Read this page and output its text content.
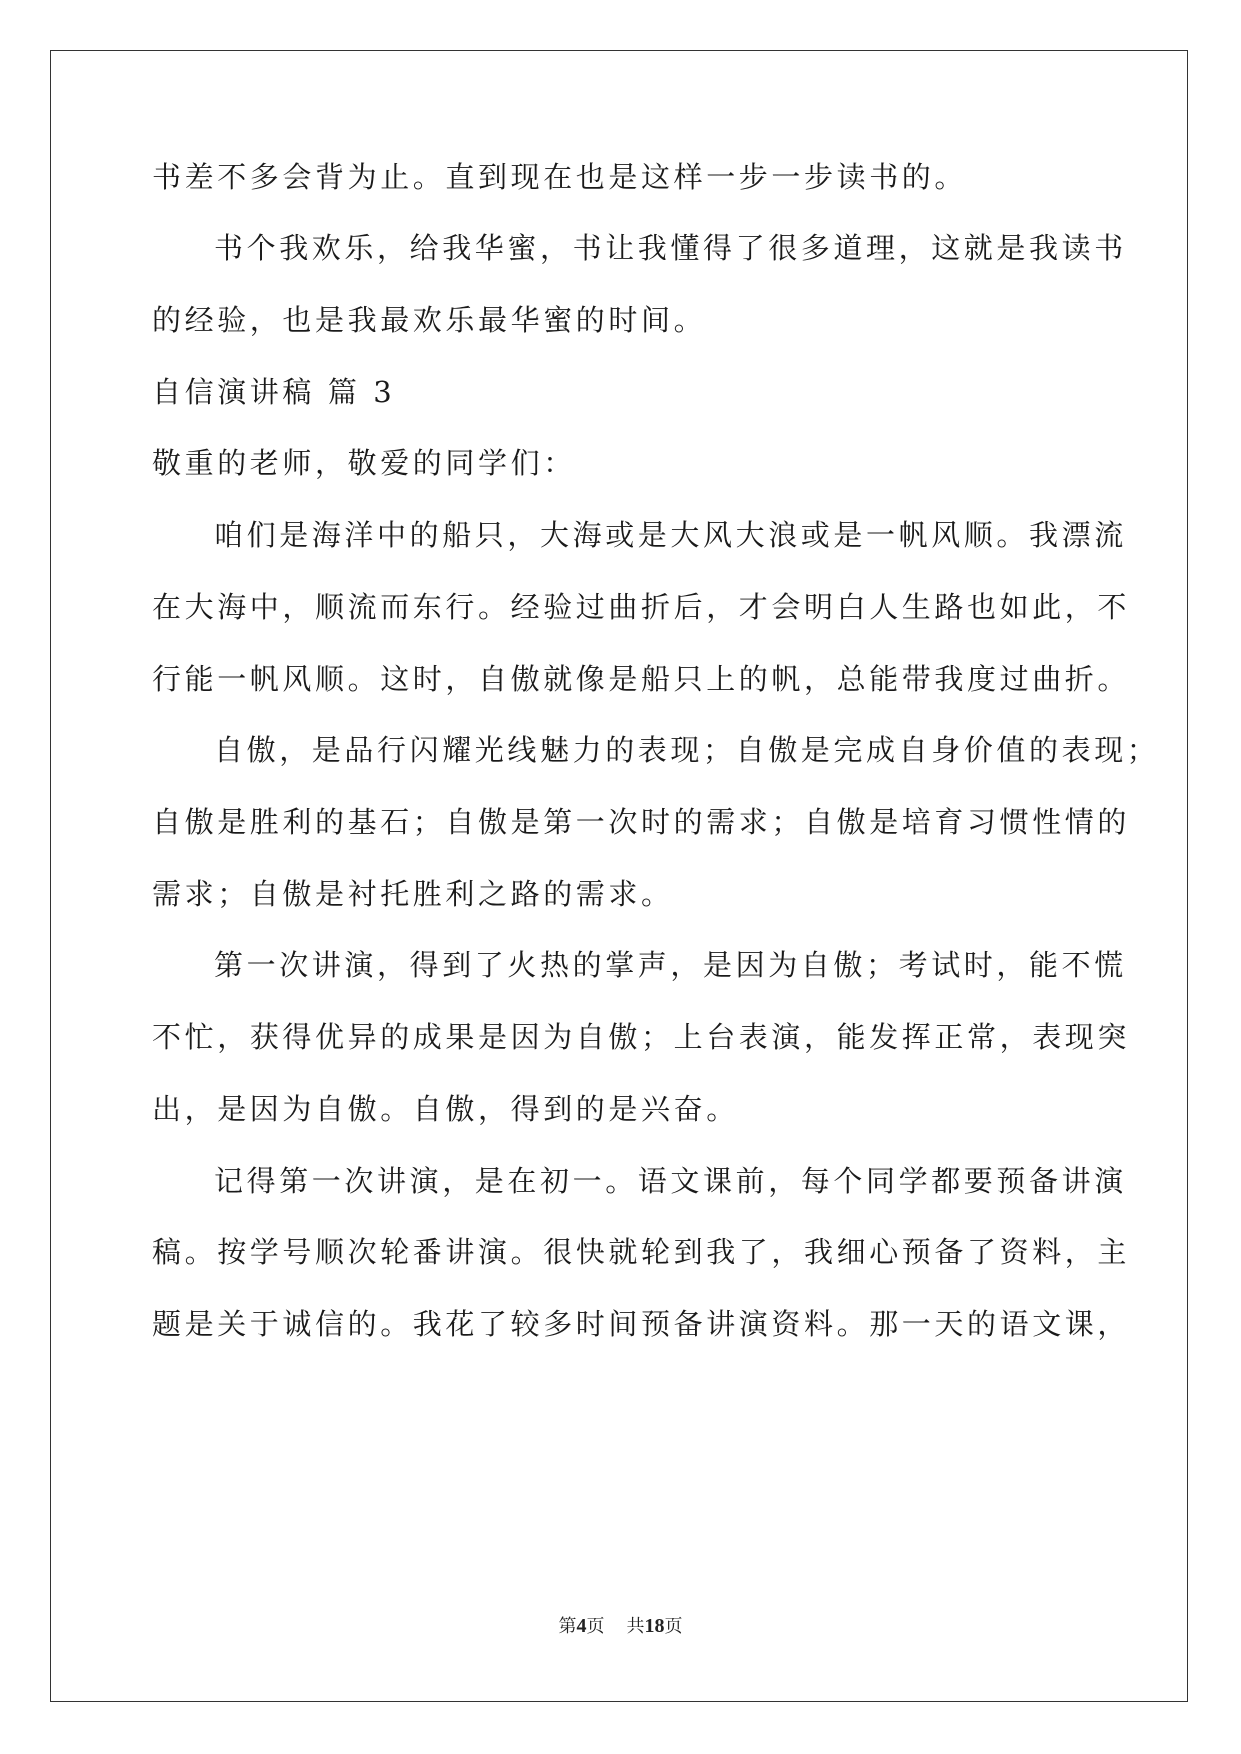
书差不多会背为止。直到现在也是这样一步一步读书的。
书个我欢乐，给我华蜜，书让我懂得了很多道理，这就是我读书
的经验，也是我最欢乐最华蜜的时间。
自信演讲稿 篇 3
敬重的老师，敬爱的同学们：
咱们是海洋中的船只，大海或是大风大浪或是一帆风顺。我漂流
在大海中，顺流而东行。经验过曲折后，才会明白人生路也如此，不
行能一帆风顺。这时，自傲就像是船只上的帆，总能带我度过曲折。
自傲，是品行闪耀光线魅力的表现；自傲是完成自身价值的表现；
自傲是胜利的基石；自傲是第一次时的需求；自傲是培育习惯性情的
需求；自傲是衬托胜利之路的需求。
第一次讲演，得到了火热的掌声，是因为自傲；考试时，能不慌
不忙，获得优异的成果是因为自傲；上台表演，能发挥正常，表现突
出，是因为自傲。自傲，得到的是兴奋。
记得第一次讲演，是在初一。语文课前，每个同学都要预备讲演
稿。按学号顺次轮番讲演。很快就轮到我了，我细心预备了资料，主
题是关于诚信的。我花了较多时间预备讲演资料。那一天的语文课，
第4页 共18页
